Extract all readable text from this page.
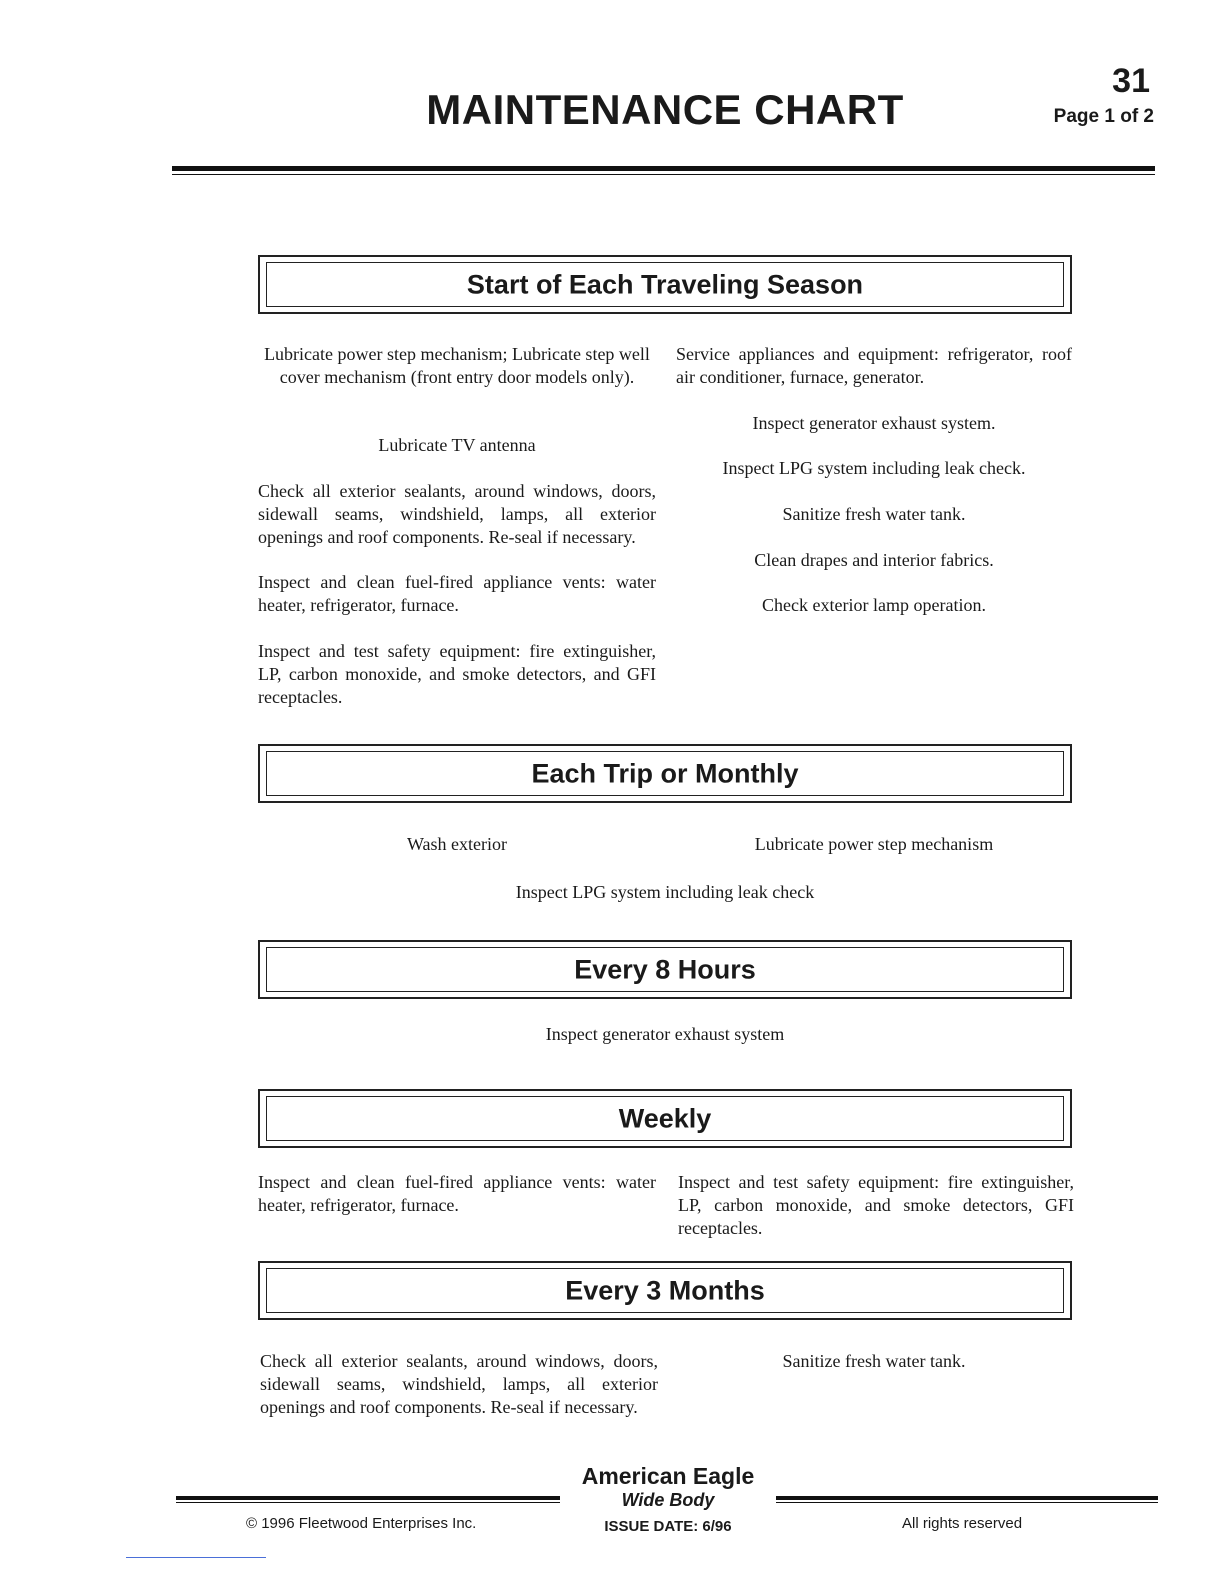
MAINTENANCE CHART
31
Page 1 of 2
Start of Each Traveling Season
Lubricate power step mechanism; Lubricate step well cover mechanism (front entry door models only).
Lubricate TV antenna
Check all exterior sealants, around windows, doors, sidewall seams, windshield, lamps, all exterior openings and roof components. Re-seal if necessary.
Inspect and clean fuel-fired appliance vents: water heater, refrigerator, furnace.
Inspect and test safety equipment: fire extinguisher, LP, carbon monoxide, and smoke detectors, and GFI receptacles.
Service appliances and equipment: refrigerator, roof air conditioner, furnace, generator.
Inspect generator exhaust system.
Inspect LPG system including leak check.
Sanitize fresh water tank.
Clean drapes and interior fabrics.
Check exterior lamp operation.
Each Trip or Monthly
Wash exterior	Lubricate power step mechanism
Inspect LPG system including leak check
Every 8 Hours
Inspect generator exhaust system
Weekly
Inspect and clean fuel-fired appliance vents: water heater, refrigerator, furnace.
Inspect and test safety equipment: fire extinguisher, LP, carbon monoxide, and smoke detectors, GFI receptacles.
Every 3 Months
Check all exterior sealants, around windows, doors, sidewall seams, windshield, lamps, all exterior openings and roof components. Re-seal if necessary.
Sanitize fresh water tank.
American Eagle
Wide Body
ISSUE DATE: 6/96
© 1996 Fleetwood Enterprises Inc.	All rights reserved
